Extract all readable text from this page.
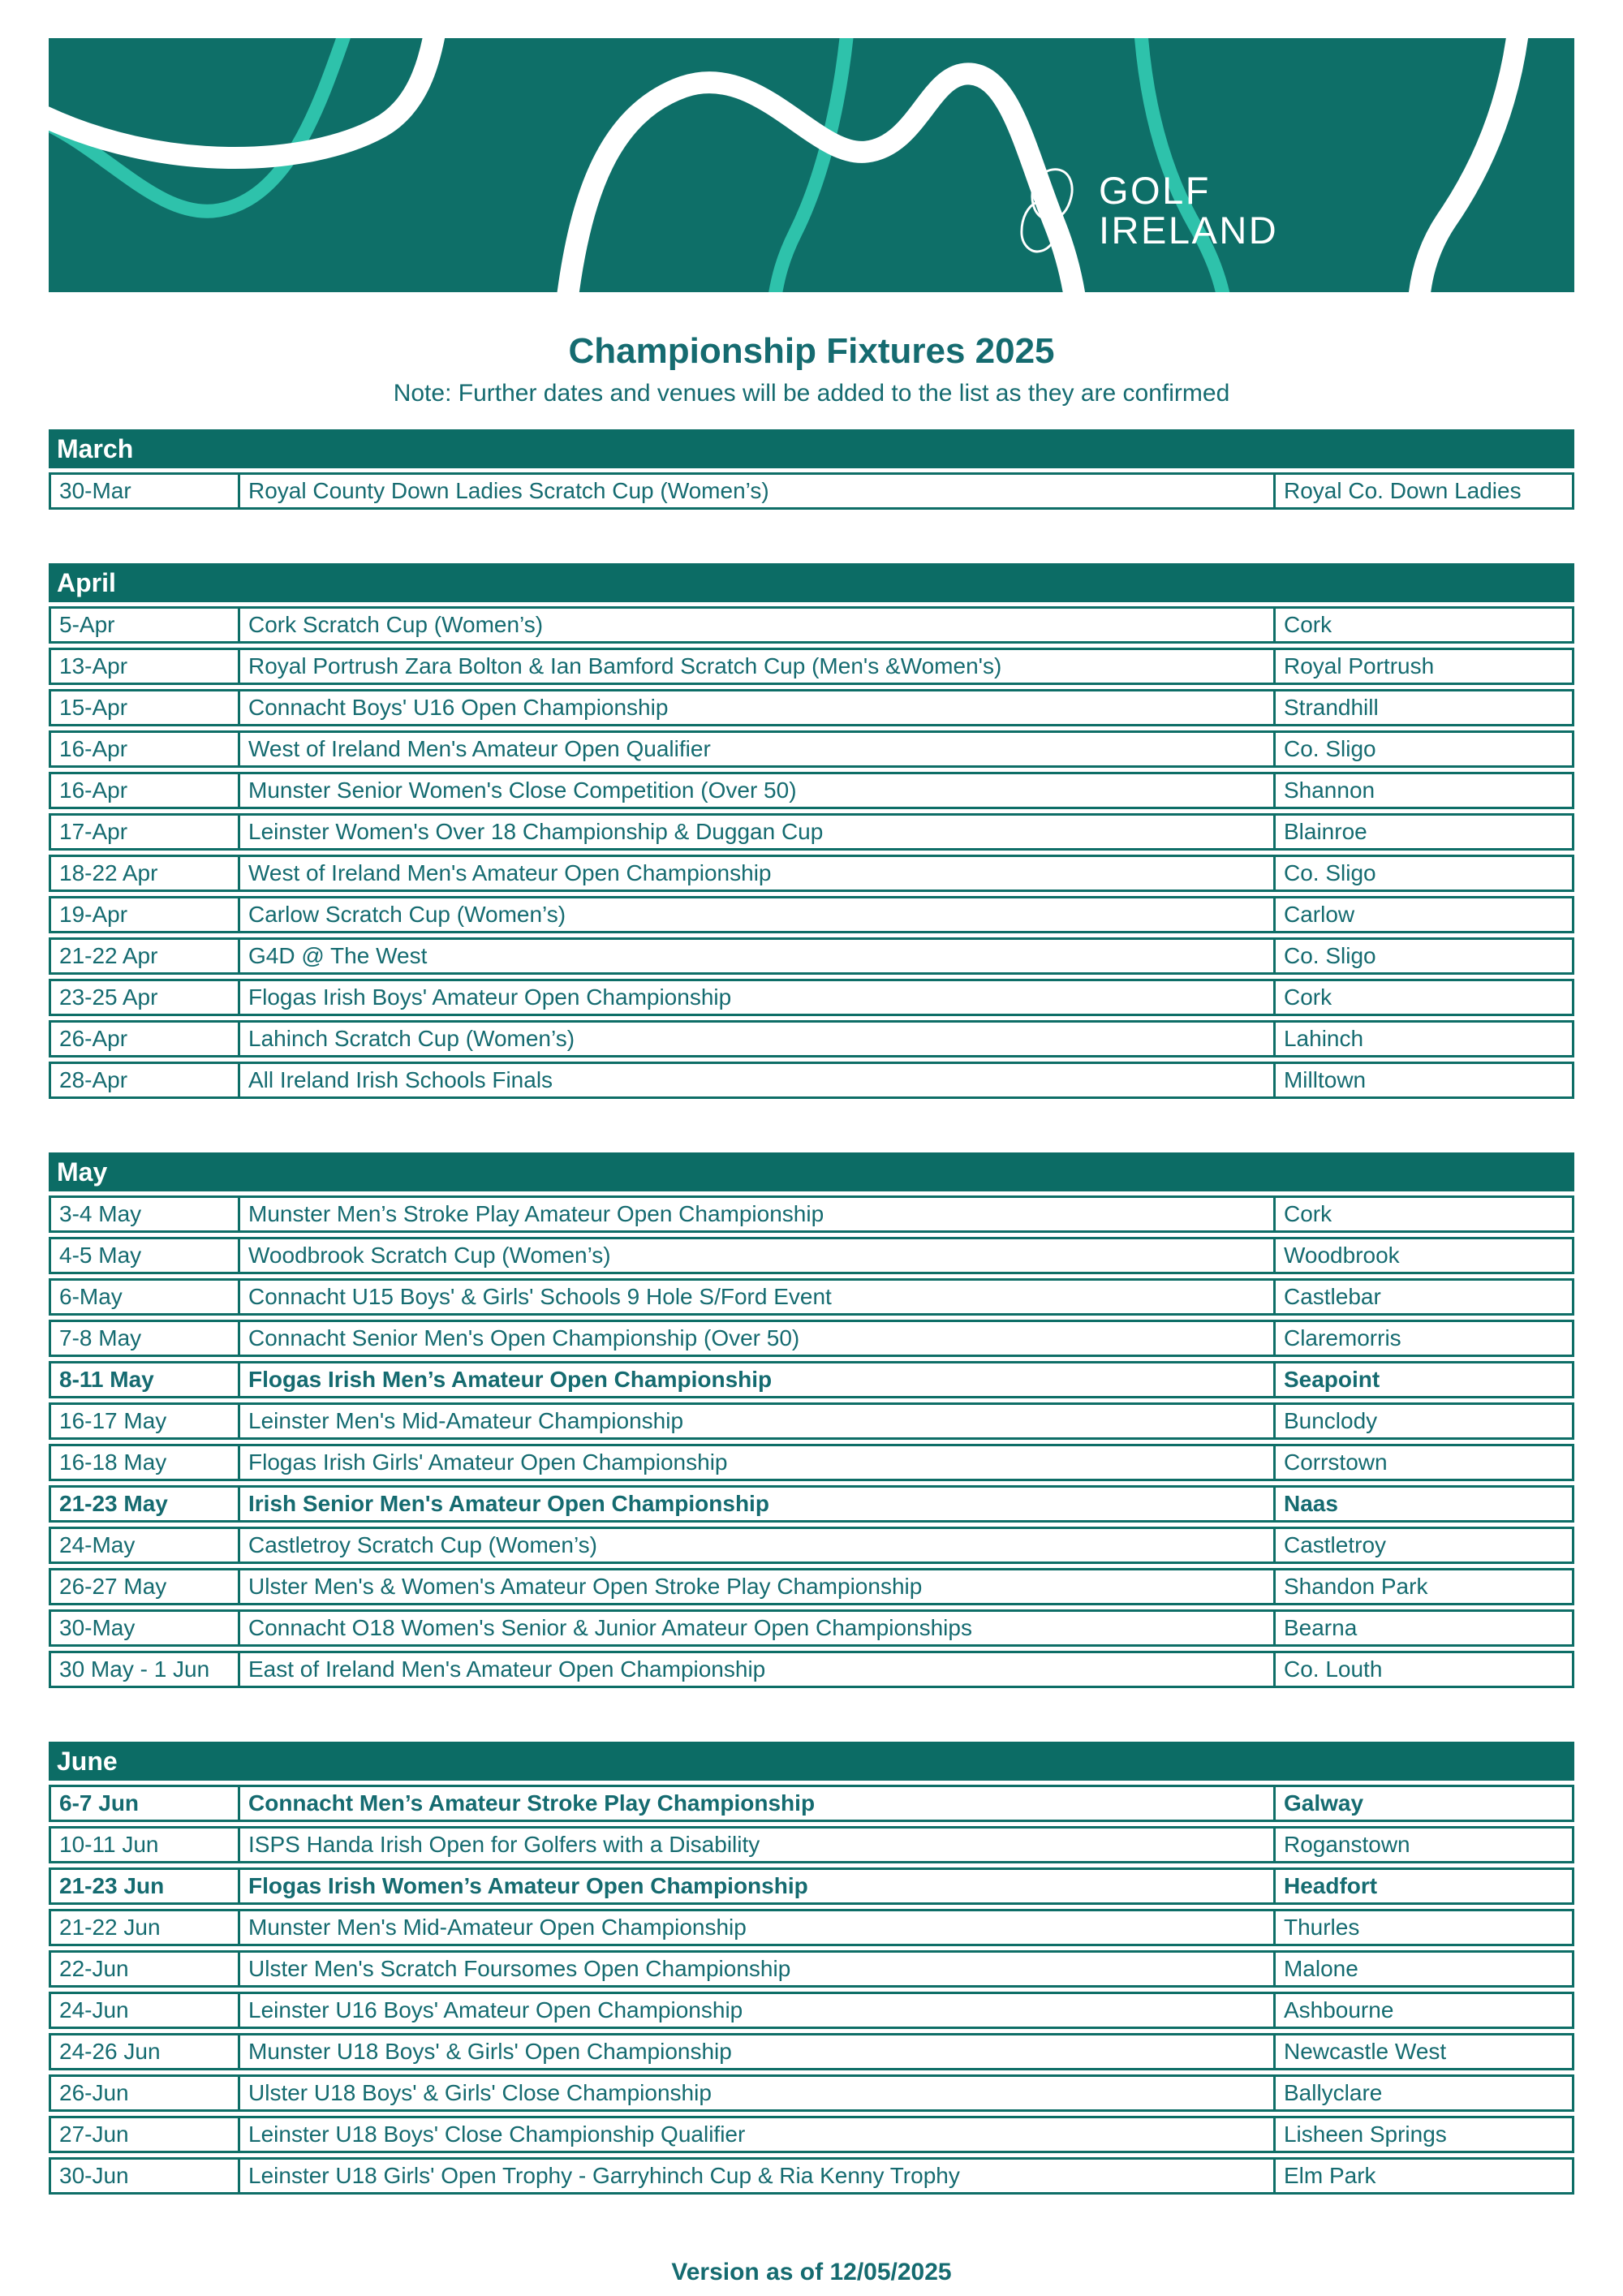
GOLF
IRELAND
Championship Fixtures 2025
Note: Further dates and venues will be added to the list as they are confirmed
March
30-Mar	Royal County Down Ladies Scratch Cup (Women’s)	Royal Co. Down Ladies
April		
5-Apr	Cork Scratch Cup (Women’s)	Cork
13-Apr	Royal Portrush Zara Bolton & Ian Bamford Scratch Cup (Men's &Women's)	Royal Portrush
15-Apr	Connacht Boys' U16 Open Championship	Strandhill
16-Apr	West of Ireland Men's Amateur Open Qualifier	Co. Sligo
16-Apr	Munster Senior Women's Close Competition (Over 50)	Shannon
17-Apr	Leinster Women's Over 18 Championship & Duggan Cup	Blainroe
18-22 Apr	West of Ireland Men's Amateur Open Championship	Co. Sligo
19-Apr	Carlow Scratch Cup (Women’s)	Carlow
21-22 Apr	G4D @ The West	Co. Sligo
23-25 Apr	Flogas Irish Boys' Amateur Open Championship	Cork
26-Apr	Lahinch Scratch Cup (Women’s)	Lahinch
28-Apr	All Ireland Irish Schools Finals	Milltown
May		
3-4 May	Munster Men’s Stroke Play Amateur Open Championship	Cork
4-5 May	Woodbrook Scratch Cup (Women’s)	Woodbrook
6-May	Connacht U15 Boys' & Girls' Schools 9 Hole S/Ford Event	Castlebar
7-8 May	Connacht Senior Men's Open Championship (Over 50)	Claremorris
8-11 May	Flogas Irish Men’s Amateur Open Championship	Seapoint
16-17 May	Leinster Men's Mid-Amateur Championship	Bunclody
16-18 May	Flogas Irish Girls' Amateur Open Championship	Corrstown
21-23 May	Irish Senior Men's Amateur Open Championship	Naas
24-May	Castletroy Scratch Cup (Women’s)	Castletroy
26-27 May	Ulster Men's & Women's Amateur Open Stroke Play Championship	Shandon Park
30-May	Connacht O18 Women's Senior & Junior Amateur Open Championships	Bearna
30 May - 1 Jun	East of Ireland Men's Amateur Open Championship	Co. Louth
June		
6-7 Jun	Connacht Men’s Amateur Stroke Play Championship	Galway
10-11 Jun	ISPS Handa Irish Open for Golfers with a Disability	Roganstown
21-23 Jun	Flogas Irish Women’s Amateur Open Championship	Headfort
21-22 Jun	Munster Men's Mid-Amateur Open Championship	Thurles
22-Jun	Ulster Men's Scratch Foursomes Open Championship	Malone
24-Jun	Leinster U16 Boys' Amateur Open Championship	Ashbourne
24-26 Jun	Munster U18 Boys' & Girls' Open Championship	Newcastle West
26-Jun	Ulster U18 Boys' & Girls' Close Championship	Ballyclare
27-Jun	Leinster U18 Boys' Close Championship Qualifier	Lisheen Springs
30-Jun	Leinster U18 Girls' Open Trophy - Garryhinch Cup & Ria Kenny Trophy	Elm Park
Version as of 12/05/2025
